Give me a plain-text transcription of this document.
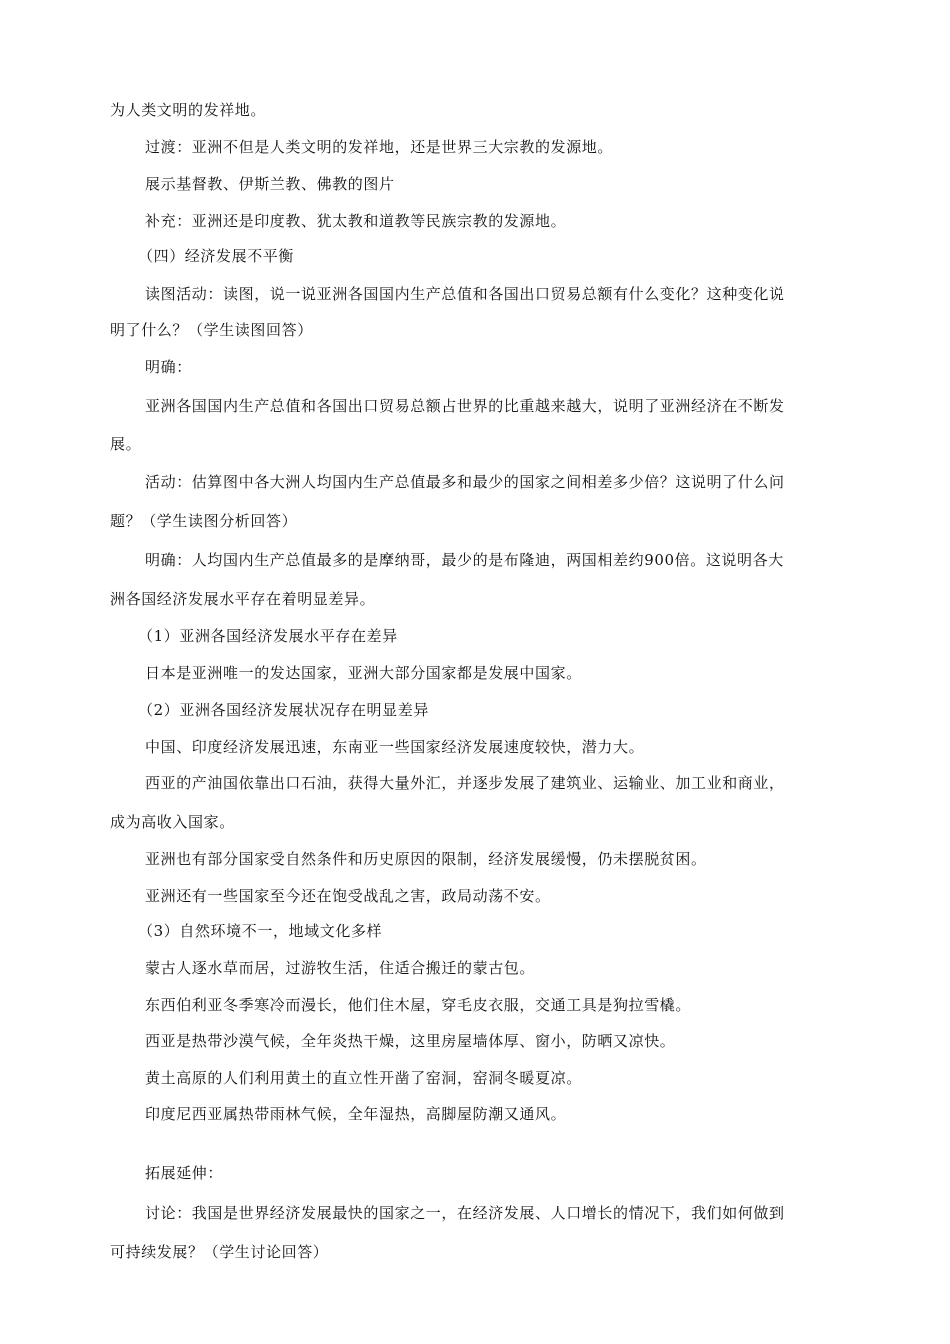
为人类文明的发祥地。
过渡：亚洲不但是人类文明的发祥地，还是世界三大宗教的发源地。
展示基督教、伊斯兰教、佛教的图片
补充：亚洲还是印度教、犹太教和道教等民族宗教的发源地。
（四）经济发展不平衡
读图活动：读图，说一说亚洲各国国内生产总值和各国出口贸易总额有什么变化？这种变化说
明了什么？（学生读图回答）
明确：
亚洲各国国内生产总值和各国出口贸易总额占世界的比重越来越大，说明了亚洲经济在不断发
展。
活动：估算图中各大洲人均国内生产总值最多和最少的国家之间相差多少倍？这说明了什么问
题？（学生读图分析回答）
明确：人均国内生产总值最多的是摩纳哥，最少的是布隆迪，两国相差约900倍。这说明各大
洲各国经济发展水平存在着明显差异。
（1）亚洲各国经济发展水平存在差异
日本是亚洲唯一的发达国家，亚洲大部分国家都是发展中国家。
（2）亚洲各国经济发展状况存在明显差异
中国、印度经济发展迅速，东南亚一些国家经济发展速度较快，潜力大。
西亚的产油国依靠出口石油，获得大量外汇，并逐步发展了建筑业、运输业、加工业和商业，
成为高收入国家。
亚洲也有部分国家受自然条件和历史原因的限制，经济发展缓慢，仍未摆脱贫困。
亚洲还有一些国家至今还在饱受战乱之害，政局动荡不安。
（3）自然环境不一，地域文化多样
蒙古人逐水草而居，过游牧生活，住适合搬迁的蒙古包。
东西伯利亚冬季寒冷而漫长，他们住木屋，穿毛皮衣服，交通工具是狗拉雪橇。
西亚是热带沙漠气候，全年炎热干燥，这里房屋墙体厚、窗小，防晒又凉快。
黄土高原的人们利用黄土的直立性开凿了窑洞，窑洞冬暖夏凉。
印度尼西亚属热带雨林气候，全年湿热，高脚屋防潮又通风。
拓展延伸：
讨论：我国是世界经济发展最快的国家之一，在经济发展、人口增长的情况下，我们如何做到
可持续发展？（学生讨论回答）
